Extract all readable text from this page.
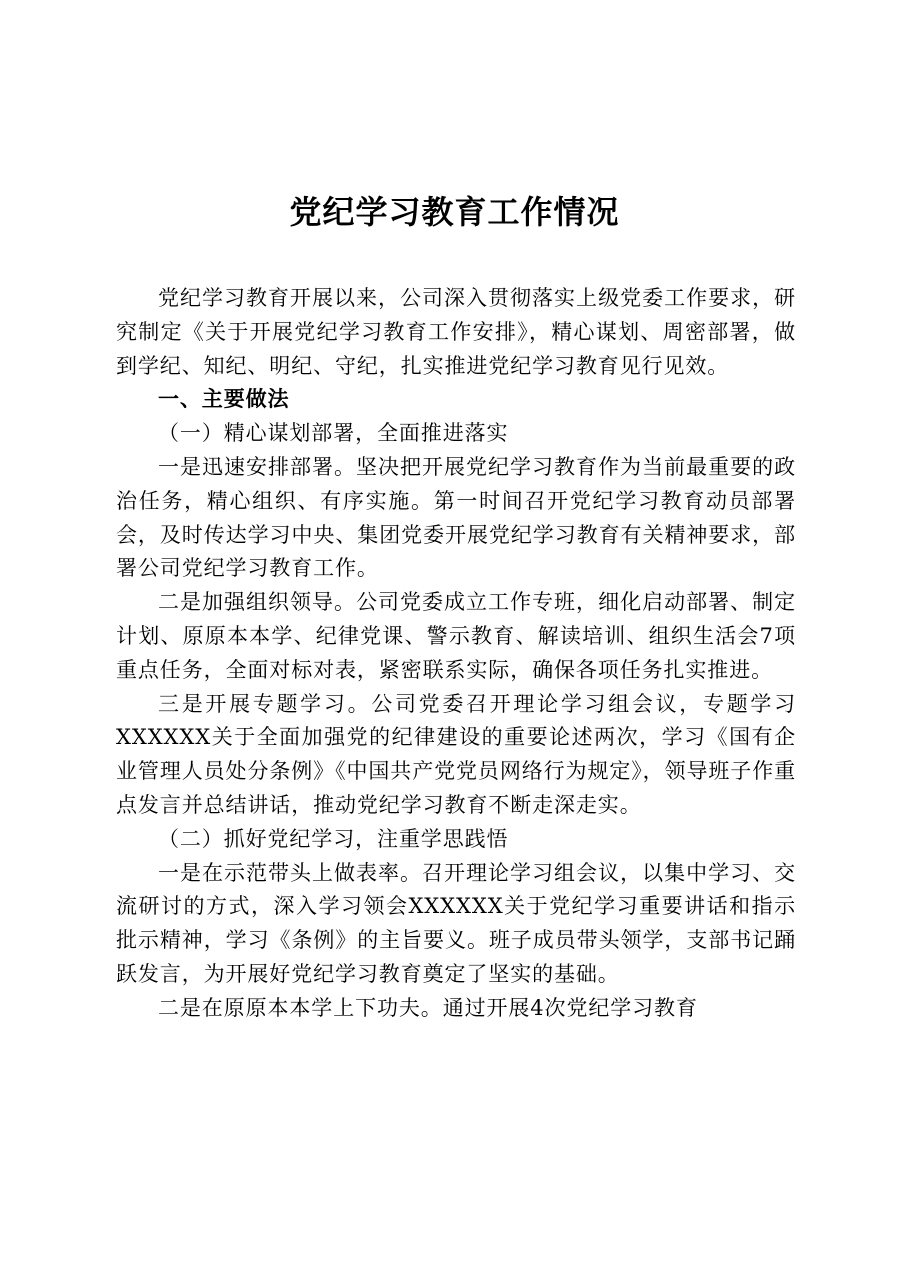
党纪学习教育工作情况

党纪学习教育开展以来，公司深入贯彻落实上级党委工作要求，研究制定《关于开展党纪学习教育工作安排》，精心谋划、周密部署，做到学纪、知纪、明纪、守纪，扎实推进党纪学习教育见行见效。

一、主要做法

（一）精心谋划部署，全面推进落实

一是迅速安排部署。坚决把开展党纪学习教育作为当前最重要的政治任务，精心组织、有序实施。第一时间召开党纪学习教育动员部署会，及时传达学习中央、集团党委开展党纪学习教育有关精神要求，部署公司党纪学习教育工作。

二是加强组织领导。公司党委成立工作专班，细化启动部署、制定计划、原原本本学、纪律党课、警示教育、解读培训、组织生活会7项重点任务，全面对标对表，紧密联系实际，确保各项任务扎实推进。

三是开展专题学习。公司党委召开理论学习组会议，专题学习XXXXXX关于全面加强党的纪律建设的重要论述两次，学习《国有企业管理人员处分条例》《中国共产党党员网络行为规定》，领导班子作重点发言并总结讲话，推动党纪学习教育不断走深走实。

（二）抓好党纪学习，注重学思践悟

一是在示范带头上做表率。召开理论学习组会议，以集中学习、交流研讨的方式，深入学习领会XXXXXX关于党纪学习重要讲话和指示批示精神，学习《条例》的主旨要义。班子成员带头领学，支部书记踊跃发言，为开展好党纪学习教育奠定了坚实的基础。

二是在原原本本学上下功夫。通过开展4次党纪学习教育
